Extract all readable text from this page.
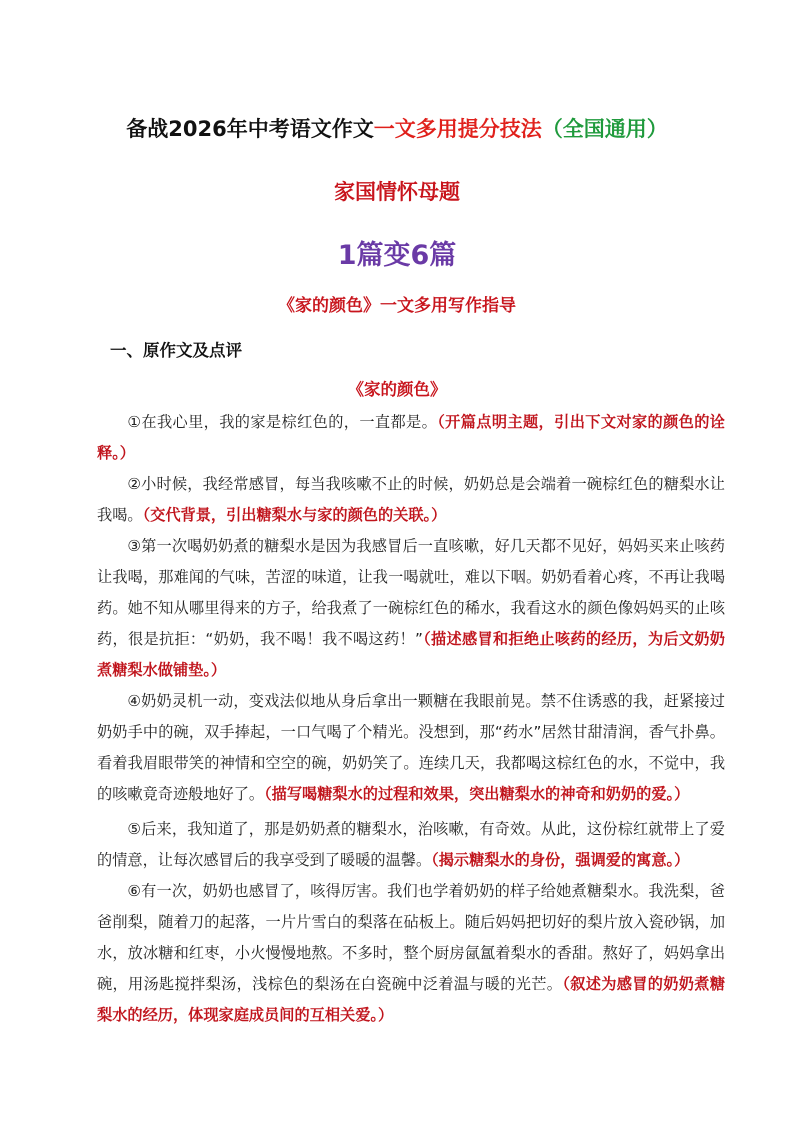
备战2026年中考语文作文一文多用提分技法（全国通用）
家国情怀母题
1篇变6篇
《家的颜色》一文多用写作指导
一、原作文及点评
《家的颜色》

①在我心里，我的家是棕红色的，一直都是。（开篇点明主题，引出下文对家的颜色的诠释。）

②小时候，我经常感冒，每当我咳嗽不止的时候，奶奶总是会端着一碗棕红色的糖梨水让我喝。（交代背景，引出糖梨水与家的颜色的关联。）

③第一次喝奶奶煮的糖梨水是因为我感冒后一直咳嗽，好几天都不见好，妈妈买来止咳药让我喝，那难闻的气味，苦涩的味道，让我一喝就吐，难以下咽。奶奶看着心疼，不再让我喝药。她不知从哪里得来的方子，给我煮了一碗棕红色的稀水，我看这水的颜色像妈妈买的止咳药，很是抗拒：“奶奶，我不喝！我不喝这药！”（描述感冒和拒绝止咳药的经历，为后文奶奶煮糖梨水做铺垫。）

④奶奶灵机一动，变戏法似地从身后拿出一颗糖在我眼前晃。禁不住诱惑的我，赶紧接过奶奶手中的碗，双手捧起，一口气喝了个精光。没想到，那“药水”居然甘甜清润，香气扑鼻。看着我眉眼带笑的神情和空空的碗，奶奶笑了。连续几天，我都喝这棕红色的水，不觉中，我的咳嗽竟奇迹般地好了。（描写喝糖梨水的过程和效果，突出糖梨水的神奇和奶奶的爱。）

⑤后来，我知道了，那是奶奶煮的糖梨水，治咳嗽，有奇效。从此，这份棕红就带上了爱的情意，让每次感冒后的我享受到了暖暖的温馨。（揭示糖梨水的身份，强调爱的寓意。）

⑥有一次，奶奶也感冒了，咳得厉害。我们也学着奶奶的样子给她煮糖梨水。我洗梨，爸爸削梨，随着刀的起落，一片片雪白的梨落在砧板上。随后妈妈把切好的梨片放入瓷砂锅，加水，放冰糖和红枣，小火慢慢地熬。不多时，整个厨房氤氲着梨水的香甜。熬好了，妈妈拿出碗，用汤匙搅拌梨汤，浅棕色的梨汤在白瓷碗中泛着温与暖的光芒。（叙述为感冒的奶奶煮糖梨水的经历，体现家庭成员间的互相关爱。）
